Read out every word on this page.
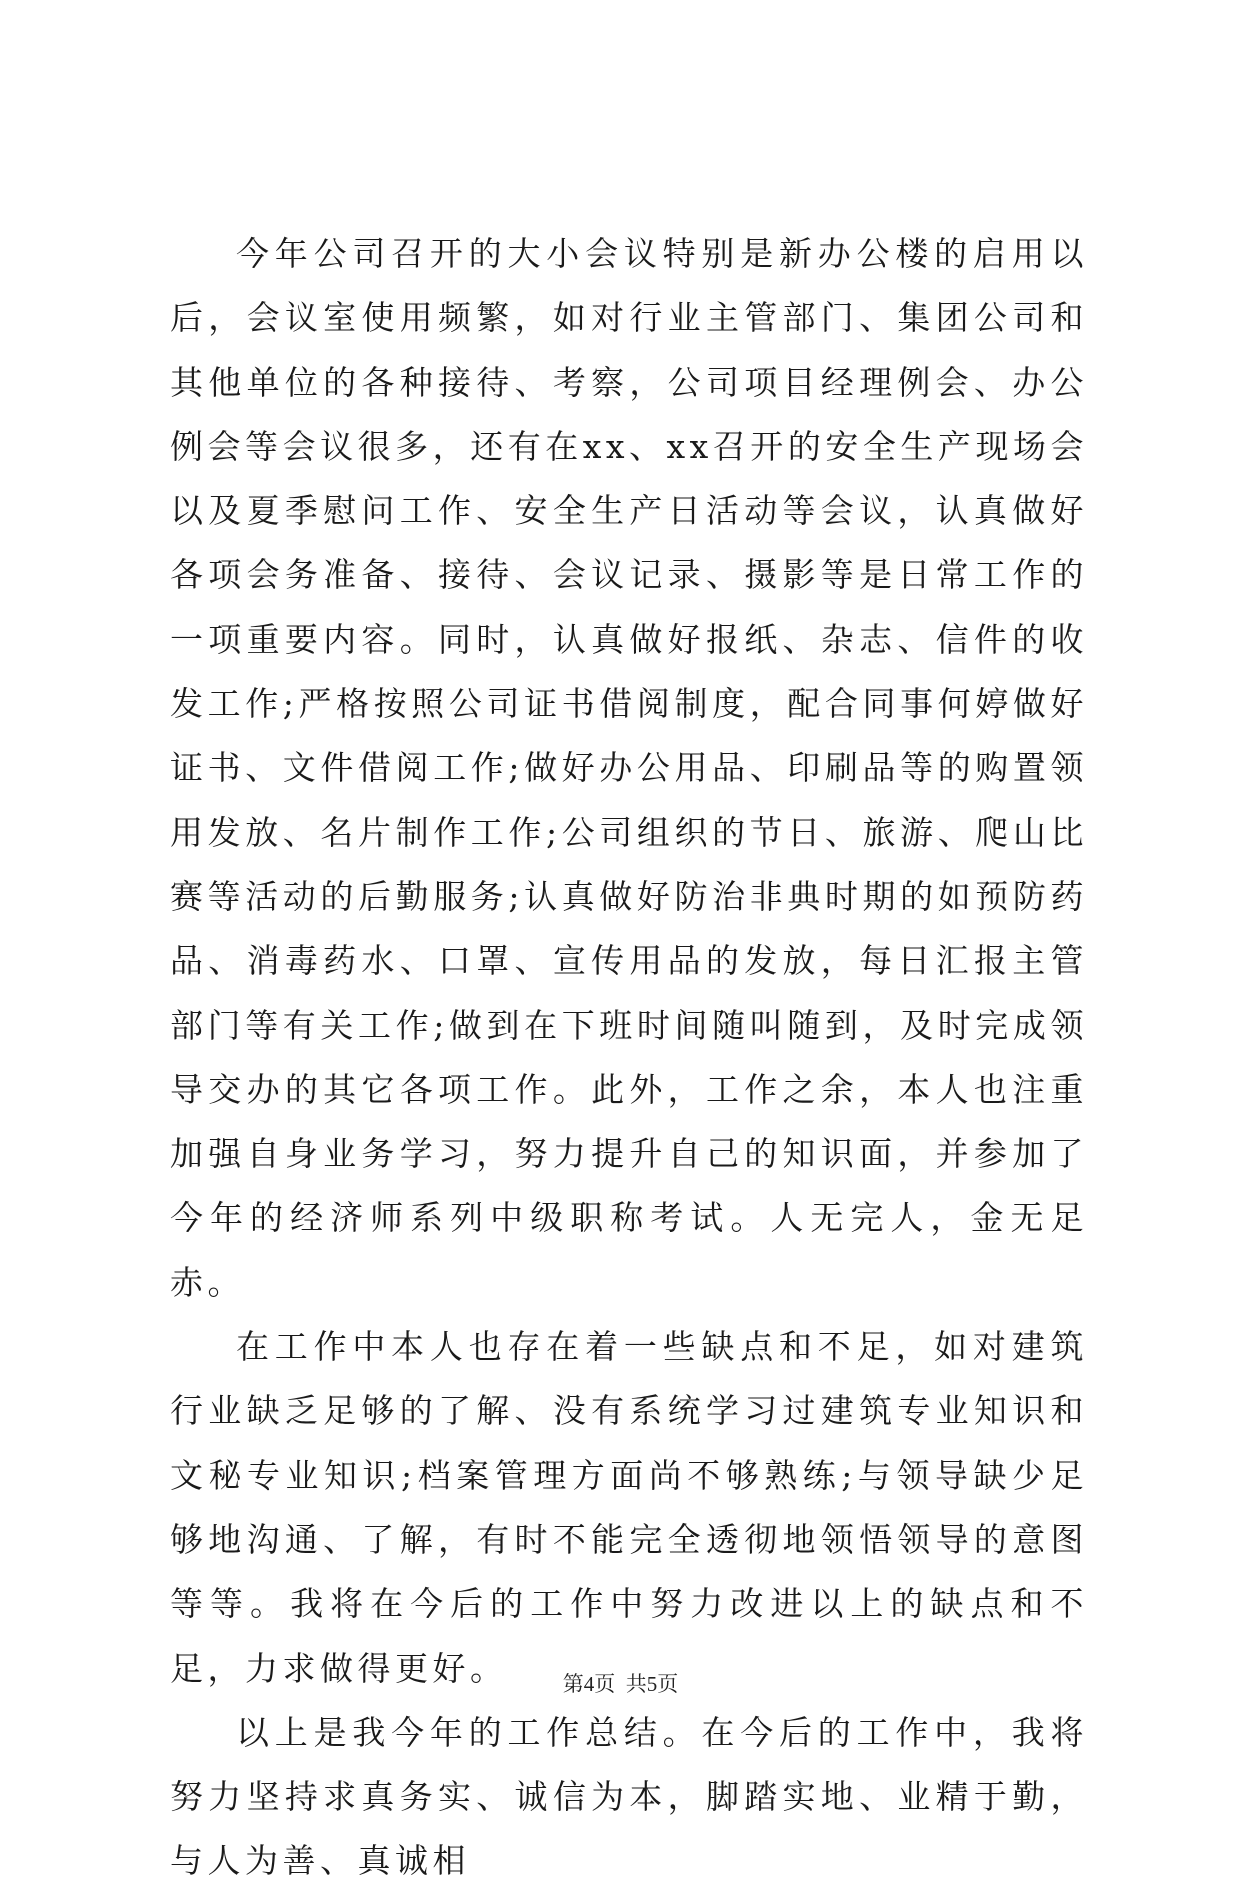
今年公司召开的大小会议特别是新办公楼的启用以后，会议室使用频繁，如对行业主管部门、集团公司和其他单位的各种接待、考察，公司项目经理例会、办公例会等会议很多，还有在xx、xx召开的安全生产现场会以及夏季慰问工作、安全生产日活动等会议，认真做好各项会务准备、接待、会议记录、摄影等是日常工作的一项重要内容。同时，认真做好报纸、杂志、信件的收发工作;严格按照公司证书借阅制度，配合同事何婷做好证书、文件借阅工作;做好办公用品、印刷品等的购置领用发放、名片制作工作;公司组织的节日、旅游、爬山比赛等活动的后勤服务;认真做好防治非典时期的如预防药品、消毒药水、口罩、宣传用品的发放，每日汇报主管部门等有关工作;做到在下班时间随叫随到，及时完成领导交办的其它各项工作。此外，工作之余，本人也注重加强自身业务学习，努力提升自己的知识面，并参加了今年的经济师系列中级职称考试。人无完人，金无足赤。

在工作中本人也存在着一些缺点和不足，如对建筑行业缺乏足够的了解、没有系统学习过建筑专业知识和文秘专业知识;档案管理方面尚不够熟练;与领导缺少足够地沟通、了解，有时不能完全透彻地领悟领导的意图等等。我将在今后的工作中努力改进以上的缺点和不足，力求做得更好。

以上是我今年的工作总结。在今后的工作中，我将努力坚持求真务实、诚信为本，脚踏实地、业精于勤，与人为善、真诚相

第4页  共5页
